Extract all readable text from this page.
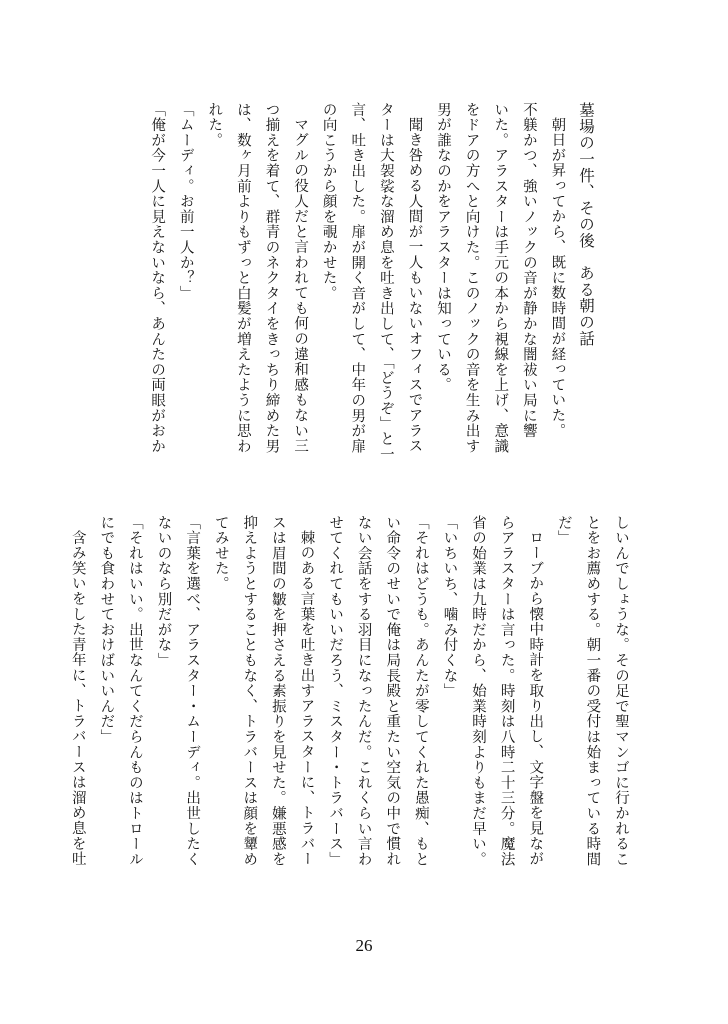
墓場の一件、その後　ある朝の話

朝日が昇ってから、既に数時間が経っていた。

不躾かつ、強いノックの音が静かな闇祓い局に響

いた。アラスターは手元の本から視線を上げ、意識

をドアの方へと向けた。このノックの音を生み出す

男が誰なのかをアラスターは知っている。

聞き咎める人間が一人もいないオフィスでアラス

ターは大袈裟な溜め息を吐き出して、「どうぞ」と一

言、吐き出した。扉が開く音がして、中年の男が扉

の向こうから顔を覗かせた。

マグルの役人だと言われても何の違和感もない三

つ揃えを着て、群青のネクタイをきっちり締めた男

は、数ヶ月前よりもずっと白髪が増えたように思わ

れた。

「ムーディ。お前一人か？」

「俺が今一人に見えないなら、あんたの両眼がおか

しいんでしょうな。その足で聖マンゴに行かれるこ

とをお薦めする。朝一番の受付は始まっている時間

だ」

ローブから懐中時計を取り出し、文字盤を見なが

らアラスターは言った。時刻は八時二十三分。魔法

省の始業は九時だから、始業時刻よりもまだ早い。

「いちいち、噛み付くな」

「それはどうも。あんたが零してくれた愚痴、もと

い命令のせいで俺は局長殿と重たい空気の中で慣れ

ない会話をする羽目になったんだ。これくらい言わ

せてくれてもいいだろう、ミスター・トラバース」

棘のある言葉を吐き出すアラスターに、トラバー

スは眉間の皺を押さえる素振りを見せた。嫌悪感を

抑えようとすることもなく、トラバースは顔を顰め

てみせた。

「言葉を選べ、アラスター・ムーディ。出世したく

ないのなら別だがな」

「それはいい。出世なんてくだらんものはトロール

にでも食わせておけばいいんだ」

含み笑いをした青年に、トラバースは溜め息を吐

26
